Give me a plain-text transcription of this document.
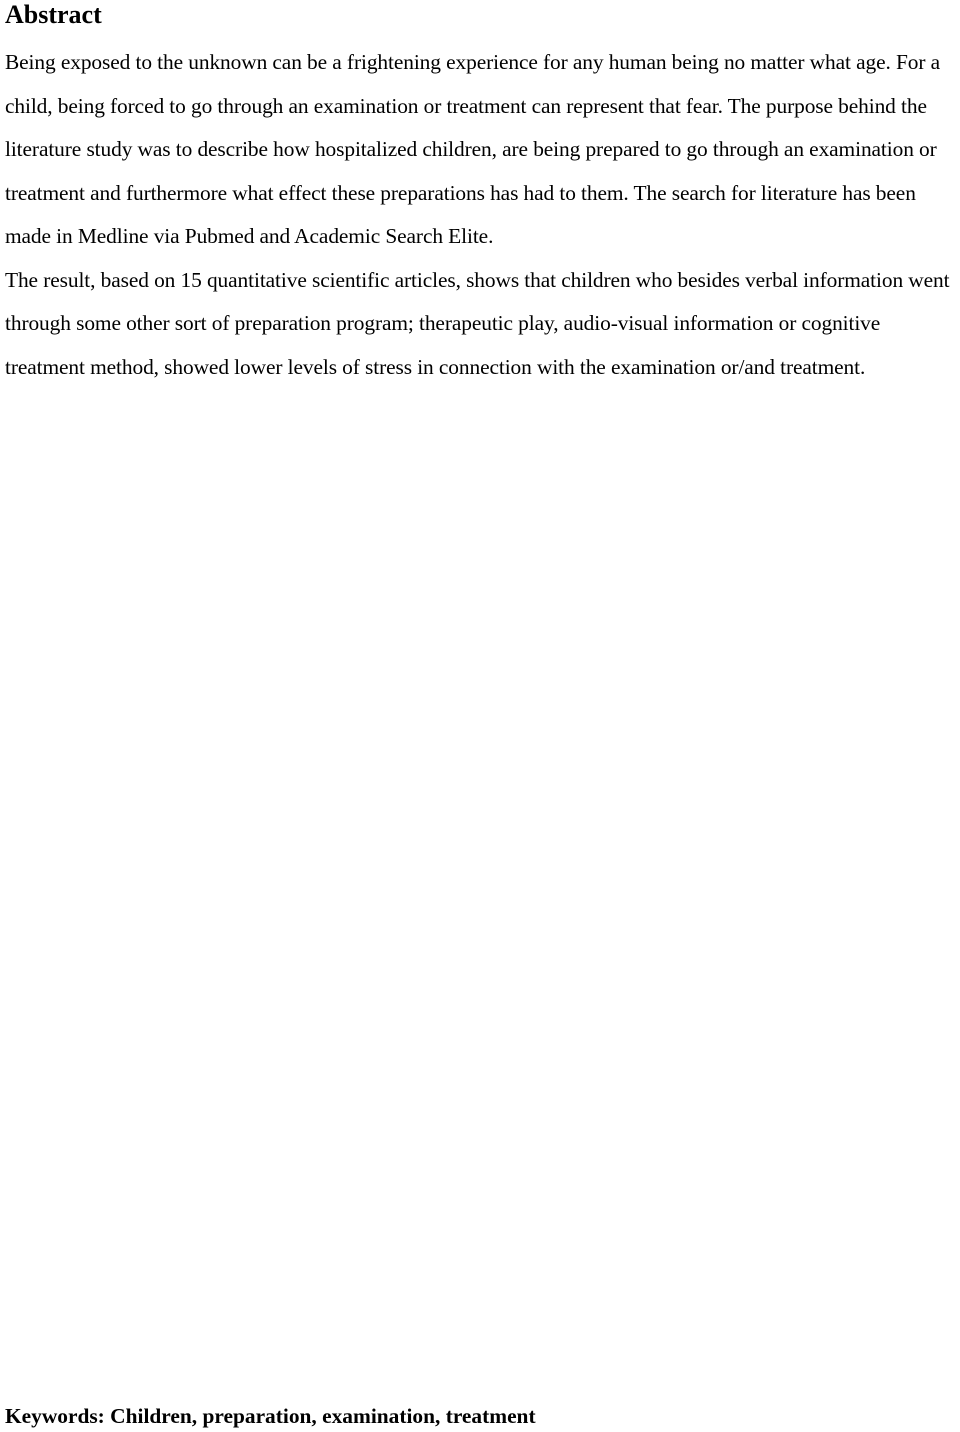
Abstract

Being exposed to the unknown can be a frightening experience for any human being no matter what age. For a child, being forced to go through an examination or treatment can represent that fear. The purpose behind the literature study was to describe how hospitalized children, are being prepared to go through an examination or treatment and furthermore what effect these preparations has had to them. The search for literature has been made in Medline via Pubmed and Academic Search Elite.

The result, based on 15 quantitative scientific articles, shows that children who besides verbal information went through some other sort of preparation program; therapeutic play, audio-visual information or cognitive treatment method, showed lower levels of stress in connection with the examination or/and treatment.

Keywords: Children, preparation, examination, treatment
